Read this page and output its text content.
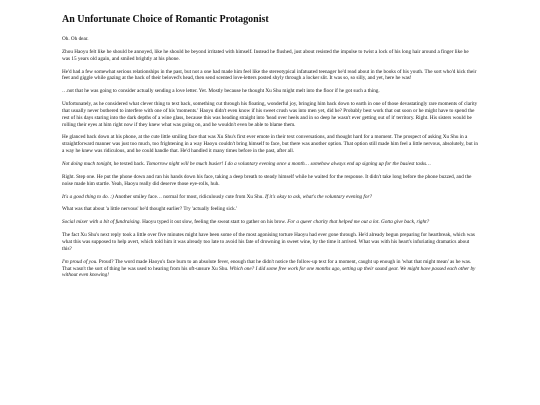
An Unfortunate Choice of Romantic Protagonist

Oh. Oh dear.

Zhou Haoyu felt like he should be annoyed, like he should be beyond irritated with himself. Instead he flushed, just about resisted the impulse to twist a lock of his long hair around a finger like he was 15 years old again, and smiled brightly at his phone.

He'd had a few somewhat serious relationships in the past, but not a one had made him feel like the stereotypical infatuated teenager he'd read about in the books of his youth. The sort who'd kick their feet and giggle while gazing at the back of their beloved's head, then send scented love-letters posted shyly through a locker slit. It was so, so silly, and yet, here he was!

…not that he was going to consider actually sending a love letter. Yet. Mostly because he thought Xu Shu might melt into the floor if he got such a thing.

Unfortunately, as he considered what clever thing to text back, something cut through his floating, wonderful joy, bringing him back down to earth in one of those devastatingly rare moments of clarity that usually never bothered to interfere with one of his 'moments.' Haoyu didn't even know if his sweet crush was into men yet, did he? Probably best work that out soon or he might have to spend the rest of his days staring into the dark depths of a wine glass, because this was heading straight into 'head over heels and in so deep he wasn't ever getting out of it' territory. Right. His sisters would be rolling their eyes at him right now if they knew what was going on, and he wouldn't even be able to blame them.

He glanced back down at his phone, at the cute little smiling face that was Xu Shu's first ever emote in their text conversations, and thought hard for a moment. The prospect of asking Xu Shu in a straightforward manner was just too much, too frightening in a way Haoyu couldn't bring himself to face, but there was another option. That option still made him feel a little nervous, absolutely, but in a way he knew was ridiculous, and he could handle that. He'd handled it many times before in the past, after all.

Not doing much tonight, he texted back. Tomorrow night will be much busier! I do a voluntary evening once a month… somehow always end up signing up for the busiest tasks…

Right. Step one. He put the phone down and ran his hands down his face, taking a deep breath to steady himself while he waited for the response. It didn't take long before the phone buzzed, and the noise made him startle. Yeah, Haoyu really did deserve those eye-rolls, huh.

It's a good thing to do. :) Another smiley face… normal for most, ridiculously cute from Xu Shu. If it's okay to ask, what's the voluntary evening for?

What was that about 'a little nervous' he'd thought earlier? Try 'actually feeling sick.'

Social mixer with a bit of fundraising. Haoyu typed it out slow, feeling the sweat start to gather on his brow. For a queer charity that helped me out a lot. Gotta give back, right?

The fact Xu Shu's next reply took a little over five minutes might have been some of the most agonising torture Haoyu had ever gone through. He'd already begun preparing for heartbreak, which was what this was supposed to help avert, which told him it was already too late to avoid his fate of drowning in sweet wine, by the time it arrived. What was with his heart's infuriating dramatics about this?

I'm proud of you. Proud? The word made Haoyu's face burn to an absolute fever, enough that he didn't notice the follow-up text for a moment, caught up enough in 'what that might mean' as he was. That wasn't the sort of thing he was used to hearing from his oft-unsure Xu Shu. Which one? I did some free work for one months ago, setting up their sound gear. We might have passed each other by without even knowing!
